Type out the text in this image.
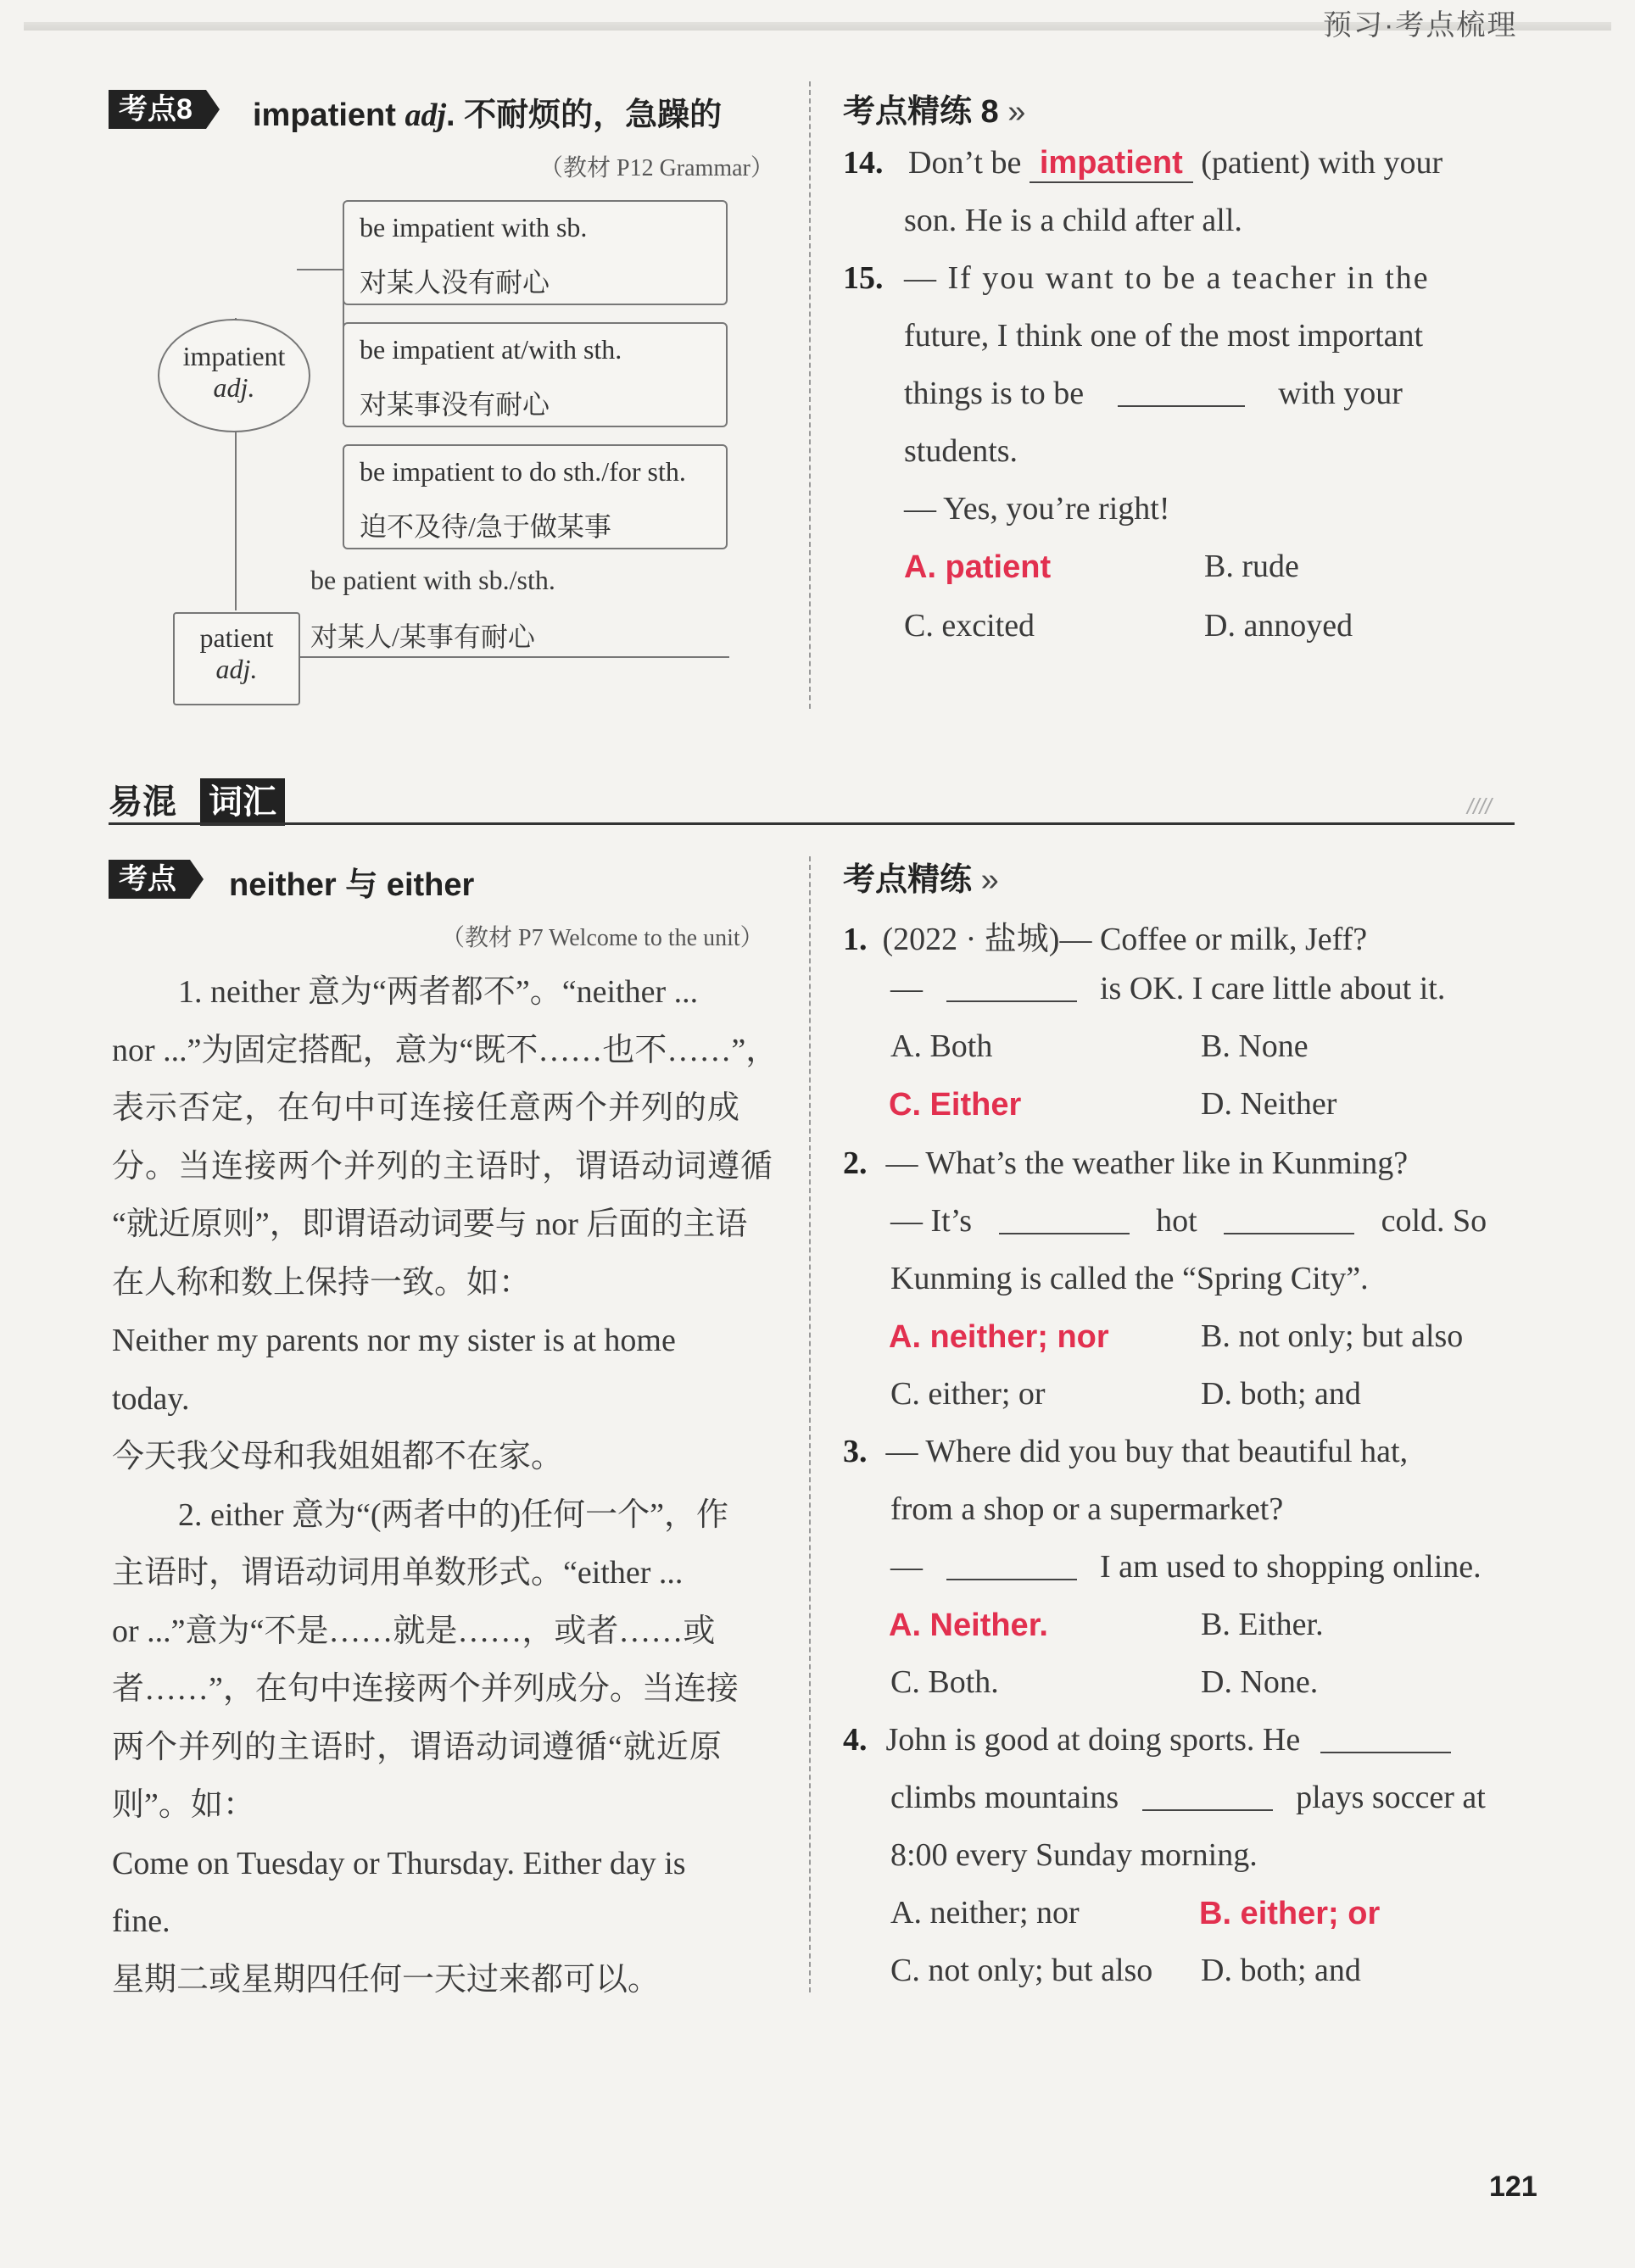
预习·考点梳理
考点8	impatient adj. 不耐烦的，急躁的
（教材 P12 Grammar）
impatient
adj.
be impatient with sb.
对某人没有耐心
be impatient at/with sth.
对某事没有耐心
be impatient to do sth./for sth.
迫不及待/急于做某事
patient
adj.
be patient with sb./sth.
对某人/某事有耐心
考点精练 8 »
14. Don’t be impatient (patient) with your
son. He is a child after all.
15. — If you want to be a teacher in the
future, I think one of the most important
things is to be	with your
students.
— Yes, you’re right!
A. patient	B. rude
C. excited	D. annoyed
易混 词汇	////
考点	neither 与 either
（教材 P7 Welcome to the unit）
1. neither 意为“两者都不”。“neither ...
nor ...”为固定搭配，意为“既不……也不……”，
表示否定，在句中可连接任意两个并列的成
分。当连接两个并列的主语时，谓语动词遵循
“就近原则”，即谓语动词要与 nor 后面的主语
在人称和数上保持一致。如：
Neither my parents nor my sister is at home
today.
今天我父母和我姐姐都不在家。
2. either 意为“(两者中的)任何一个”，作
主语时，谓语动词用单数形式。“either ...
or ...”意为“不是……就是……，或者……或
者……”，在句中连接两个并列成分。当连接
两个并列的主语时，谓语动词遵循“就近原
则”。如：
Come on Tuesday or Thursday. Either day is
fine.
星期二或星期四任何一天过来都可以。
考点精练 »
1. (2022 · 盐城)— Coffee or milk, Jeff?
—	is OK. I care little about it.
A. Both	B. None
C. Either	D. Neither
2. — What’s the weather like in Kunming?
— It’s	hot	cold. So
Kunming is called the “Spring City”.
A. neither; nor	B. not only; but also
C. either; or	D. both; and
3. — Where did you buy that beautiful hat,
from a shop or a supermarket?
—	I am used to shopping online.
A. Neither.	B. Either.
C. Both.	D. None.
4. John is good at doing sports. He
climbs mountains	plays soccer at
8:00 every Sunday morning.
A. neither; nor	B. either; or
C. not only; but also D. both; and
121
